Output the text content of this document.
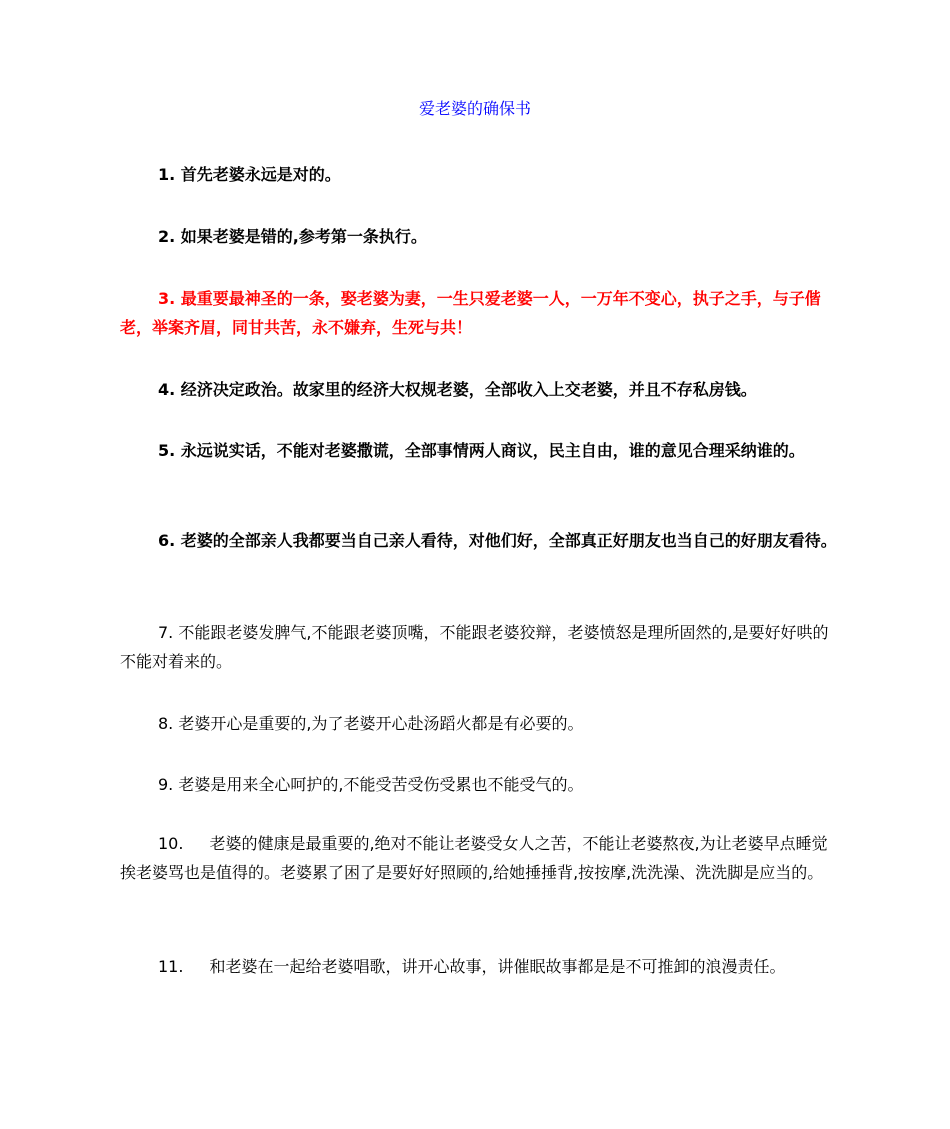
爱老婆的确保书

1. 首先老婆永远是对的。

2. 如果老婆是错的,参考第一条执行。

3. 最重要最神圣的一条，娶老婆为妻，一生只爱老婆一人，一万年不变心，执子之手，与子偕老，举案齐眉，同甘共苦，永不嫌弃，生死与共！

4. 经济决定政治。故家里的经济大权规老婆，全部收入上交老婆，并且不存私房钱。

5. 永远说实话，不能对老婆撒谎，全部事情两人商议，民主自由，谁的意见合理采纳谁的。

6. 老婆的全部亲人我都要当自己亲人看待，对他们好，全部真正好朋友也当自己的好朋友看待。

7. 不能跟老婆发脾气,不能跟老婆顶嘴，不能跟老婆狡辩，老婆愤怒是理所固然的,是要好好哄的不能对着来的。

8. 老婆开心是重要的,为了老婆开心赴汤蹈火都是有必要的。

9. 老婆是用来全心呵护的,不能受苦受伤受累也不能受气的。

10. 老婆的健康是最重要的,绝对不能让老婆受女人之苦，不能让老婆熬夜,为让老婆早点睡觉挨老婆骂也是值得的。老婆累了困了是要好好照顾的,给她捶捶背,按按摩,洗洗澡、洗洗脚是应当的。

11. 和老婆在一起给老婆唱歌，讲开心故事，讲催眠故事都是是不可推卸的浪漫责任。
